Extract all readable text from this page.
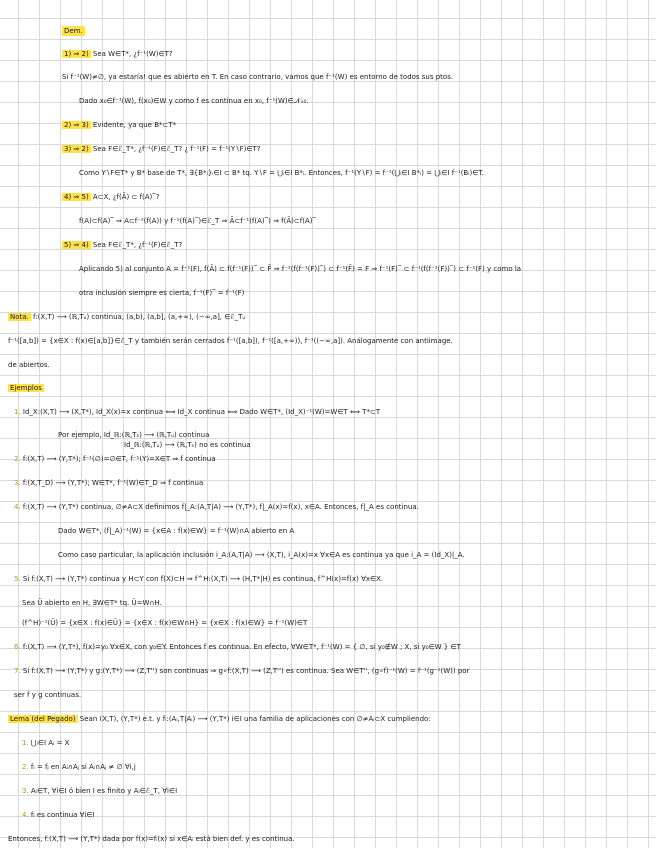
Dem.
1) ⇒ 2) Sea W∈T*, ¿f⁻¹(W)∈T?
Si f⁻¹(W)≠∅, ya estaría! que es abierto en T. En caso contrario, vamos que f⁻¹(W) es entorno de todos sus ptos.
Dado x₀∈f⁻¹(W), f(x₀)∈W y como f es continua en x₀, f⁻¹(W)∈𝒩ₓ₀.
2) ⇒ 3) Evidente, ya que B*⊂T*
3) ⇒ 2) Sea F∈ℰ_T*, ¿f⁻¹(F)∈ℰ_T? ¿ f⁻¹(F) = f⁻¹(Y∖F)∈T?
Como Y∖F∈T* y B* base de T*, ∃{B*ᵢ}ᵢ∈I ⊂ B* tq. Y∖F = ⋃ᵢ∈I B*ᵢ. Entonces, f⁻¹(Y∖F) = f⁻¹(⋃ᵢ∈I B*ᵢ) = ⋃ᵢ∈I f⁻¹(Bᵢ)∈T.
4) ⇒ 5) A⊂X, ¿f(Ā) ⊂ f(A)‾?
f(A)⊂f(A)‾ ⇒ A⊂f⁻¹(f(A)) y f⁻¹(f(A)‾)∈ℰ_T ⇒ Ā⊂f⁻¹(f(A)‾) ⇒ f(Ā)⊂f(A)‾
5) ⇒ 4) Sea F∈ℰ_T*, ¿f⁻¹(F)∈ℰ_T?
Aplicando 5) al conjunto A = f⁻¹(F), f(Ā) ⊂ f(f⁻¹(F))‾ ⊂ F̄ ⇒ f⁻¹(f(f⁻¹(F))‾) ⊂ f⁻¹(F̄) = F ⇒ f⁻¹(F)‾ ⊂ f⁻¹(f(f⁻¹(F))‾) ⊂ f⁻¹(F) y como la
otra inclusión siempre es cierta, f⁻¹(F)‾ = f⁻¹(F)
Nota. f:(X,T) ⟶ (ℝ,Tᵤ) continua, (a,b), (a,b], (a,+∞), (−∞,a], ∈ℰ_Tᵤ
f⁻¹([a,b]) = {x∈X : f(x)∈[a,b]}∈ℰ_T y también serán cerrados f⁻¹([a,b]), f⁻¹([a,+∞)), f⁻¹((−∞,a]). Análogamente con antiimage.
de abiertos.
Ejemplos
1. Id_X:(X,T) ⟶ (X,T*), Id_X(x)=x continua ⟺ Id_X continua ⟺ Dado W∈T*, (Id_X)⁻¹(W)=W∈T ⟺ T*⊂T
Por ejemplo, Id_ℝ:(ℝ,Tₛ) ⟶ (ℝ,Tᵤ) continua
Id_ℝ:(ℝ,Tᵤ) ⟶ (ℝ,Tₛ) no es continua
2. f:(X,T) ⟶ (Y,T*); f⁻¹(∅)=∅∈T, f⁻¹(Y)=X∈T ⇒ f continua
3. f:(X,T_D) ⟶ (Y,T*); W∈T*, f⁻¹(W)∈T_D ⇒ f continua
4. f:(X,T) ⟶ (Y,T*) continua, ∅≠A⊂X definimos f|_A:(A,T|A) ⟶ (Y,T*), f|_A(x)=f(x), x∈A. Entonces, f|_A es continua.
Dado W∈T*, (f|_A)⁻¹(W) = {x∈A : f(x)∈W} = f⁻¹(W)∩A abierto en A
Como caso particular, la aplicación inclusión i_A:(A,T|A) ⟶ (X,T), i_A(x)=x ∀x∈A es continua ya que i_A = (Id_X)|_A.
5. Si f:(X,T) ⟶ (Y,T*) continua y H⊂Y con f(X)⊂H ⇒ f^H:(X,T) ⟶ (H,T*|H) es continua, f^H(x)=f(x) ∀x∈X.
Sea Ũ abierto en H, ∃W∈T* tq. Ũ=W∩H.
(f^H)⁻¹(Ũ) = {x∈X : f(x)∈Ũ} = {x∈X : f(x)∈W∩H} = {x∈X : f(x)∈W} = f⁻¹(W)∈T
6. f:(X,T) ⟶ (Y,T*), f(x)=y₀ ∀x∈X, con y₀∈Y. Entonces f es continua. En efecto, ∀W∈T*, f⁻¹(W) = { ∅, si y₀∉W ; X, si y₀∈W } ∈T
7. Si f:(X,T) ⟶ (Y,T*) y g:(Y,T*) ⟶ (Z,T'') son continuas ⇒ g∘f:(X,T) ⟶ (Z,T'') es continua. Sea W∈T'', (g∘f)⁻¹(W) = f⁻¹(g⁻¹(W)) por
ser f y g continuas.
Lema (del Pegado) Sean (X,T), (Y,T*) e.t. y fᵢ:(Aᵢ,T|Aᵢ) ⟶ (Y,T*) i∈I una familia de aplicaciones con ∅≠Aᵢ⊂X cumpliendo:
1. ⋃ᵢ∈I Aᵢ = X
2. fᵢ = fⱼ en Aᵢ∩Aⱼ si Aᵢ∩Aⱼ ≠ ∅ ∀i,j
3. Aᵢ∈T, ∀i∈I ó bien I es finito y Aᵢ∈ℰ_T, ∀i∈I
4. fᵢ es continua ∀i∈I
Entonces, f:(X,T) ⟶ (Y,T*) dada por f(x)=fᵢ(x) si x∈Aᵢ está bien def. y es continua.
